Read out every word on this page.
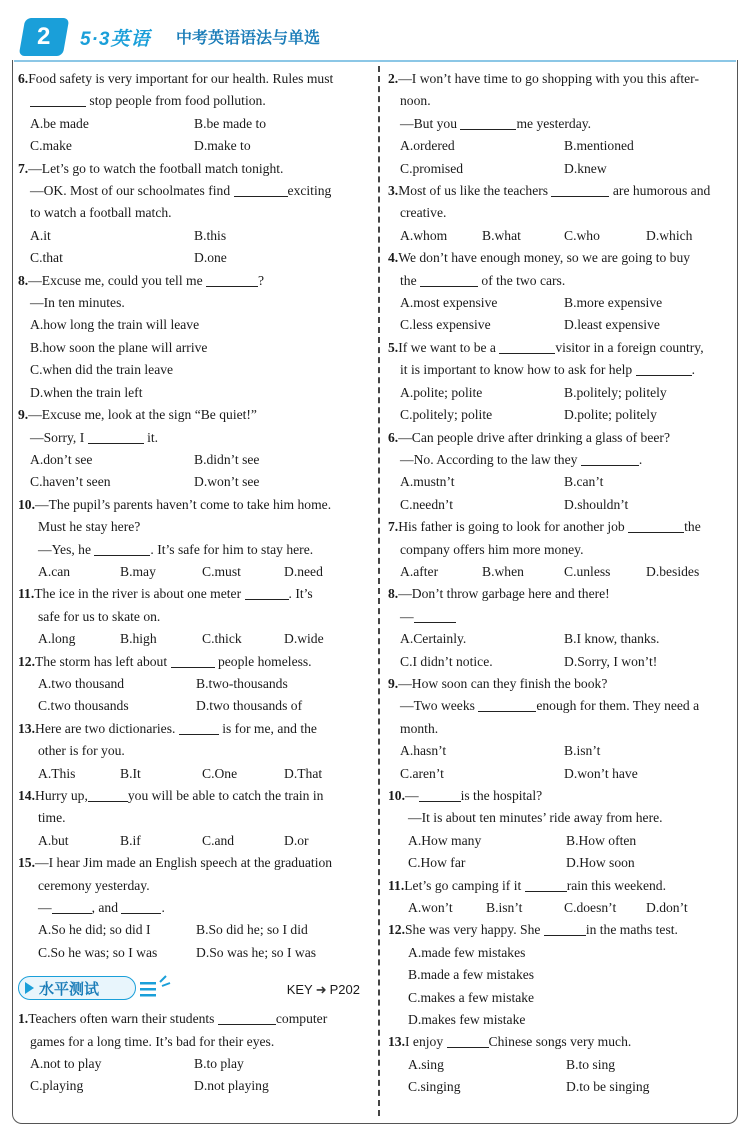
2 5·3英语 中考英语语法与单选
6.Food safety is very important for our health. Rules must
stop people from food pollution.
A.be made	B.be made to
C.make	D.make to
7.—Let’s go to watch the football match tonight.
—OK. Most of our schoolmates find	exciting
to watch a football match.
A.it	B.this
C.that	D.one
8.—Excuse me, could you tell me	?
—In ten minutes.
A.how long the train will leave
B.how soon the plane will arrive
C.when did the train leave
D.when the train left
9.—Excuse me, look at the sign “Be quiet!”
—Sorry, I	it.
A.don’t see	B.didn’t see
C.haven’t seen	D.won’t see
10.—The pupil’s parents haven’t come to take him home.
Must he stay here?
—Yes, he	. It’s safe for him to stay here.
A.can	B.may	C.must	D.need
11.The ice in the river is about one meter	. It’s
safe for us to skate on.
A.long	B.high	C.thick	D.wide
12.The storm has left about	people homeless.
A.two thousand	B.two-thousands
C.two thousands	D.two thousands of
13.Here are two dictionaries.	is for me, and the
other is for you.
A.This	B.It	C.One	D.That
14.Hurry up,	you will be able to catch the train in
time.
A.but	B.if	C.and	D.or
15.—I hear Jim made an English speech at the graduation
ceremony yesterday.
—	, and	.
A.So he did; so did I	B.So did he; so I did
C.So he was; so I was	D.So was he; so I was
水平测试	KEY ➜ P202
1.Teachers often warn their students	computer
games for a long time. It’s bad for their eyes.
A.not to play	B.to play
C.playing	D.not playing
2.—I won’t have time to go shopping with you this after-
noon.
—But you	me yesterday.
A.ordered	B.mentioned
C.promised	D.knew
3.Most of us like the teachers	are humorous and
creative.
A.whom	B.what	C.who	D.which
4.We don’t have enough money, so we are going to buy
the	of the two cars.
A.most expensive	B.more expensive
C.less expensive	D.least expensive
5.If we want to be a	visitor in a foreign country,
it is important to know how to ask for help	.
A.polite; polite	B.politely; politely
C.politely; polite	D.polite; politely
6.—Can people drive after drinking a glass of beer?
—No. According to the law they	.
A.mustn’t	B.can’t
C.needn’t	D.shouldn’t
7.His father is going to look for another job	the
company offers him more money.
A.after	B.when	C.unless	D.besides
8.—Don’t throw garbage here and there!
—
A.Certainly.	B.I know, thanks.
C.I didn’t notice.	D.Sorry, I won’t!
9.—How soon can they finish the book?
—Two weeks	enough for them. They need a
month.
A.hasn’t	B.isn’t
C.aren’t	D.won’t have
10.—	is the hospital?
—It is about ten minutes’ ride away from here.
A.How many	B.How often
C.How far	D.How soon
11.Let’s go camping if it	rain this weekend.
A.won’t	B.isn’t	C.doesn’t	D.don’t
12.She was very happy. She	in the maths test.
A.made few mistakes
B.made a few mistakes
C.makes a few mistake
D.makes few mistake
13.I enjoy	Chinese songs very much.
A.sing	B.to sing
C.singing	D.to be singing
